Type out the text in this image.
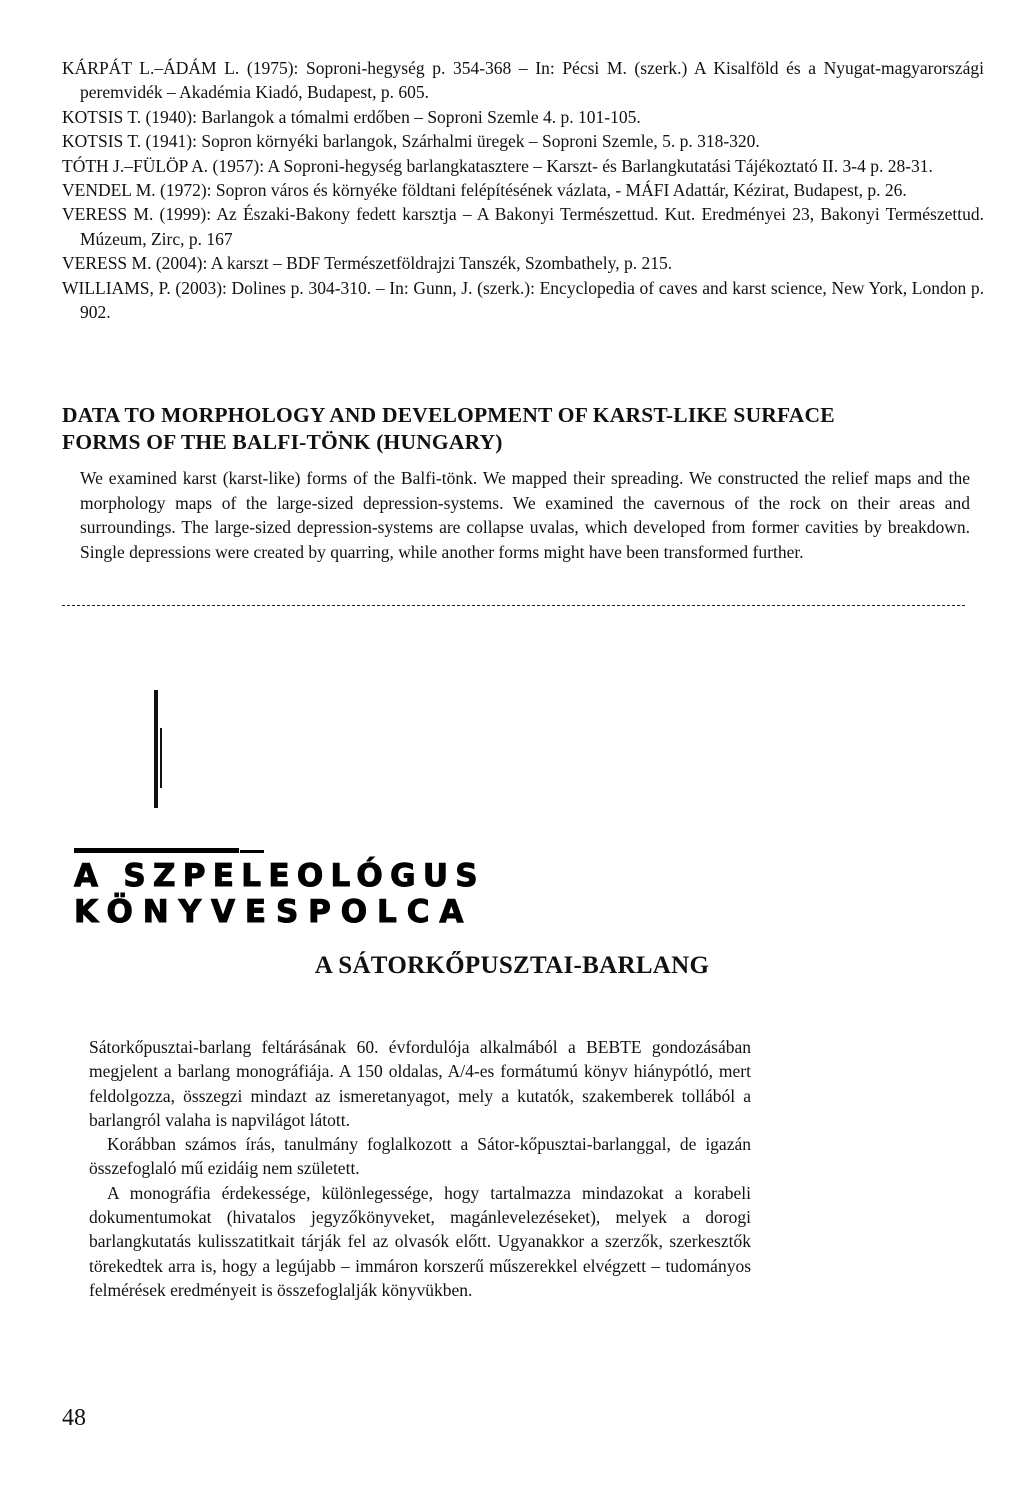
KÁRPÁT L.–ÁDÁM L. (1975): Soproni-hegység p. 354-368 – In: Pécsi M. (szerk.) A Kisalföld és a Nyugat-magyarországi peremvidék – Akadémia Kiadó, Budapest, p. 605.

KOTSIS T. (1940): Barlangok a tómalmi erdőben – Soproni Szemle 4. p. 101-105.

KOTSIS T. (1941): Sopron környéki barlangok, Szárhalmi üregek – Soproni Szemle, 5. p. 318-320.

TÓTH J.–FÜLÖP A. (1957): A Soproni-hegység barlangkatasztere – Karszt- és Barlangkutatási Tájékoztató II. 3-4 p. 28-31.

VENDEL M. (1972): Sopron város és környéke földtani felépítésének vázlata, - MÁFI Adattár, Kézirat, Budapest, p. 26.

VERESS M. (1999): Az Északi-Bakony fedett karsztja – A Bakonyi Természettud. Kut. Eredményei 23, Bakonyi Természettud. Múzeum, Zirc, p. 167

VERESS M. (2004): A karszt – BDF Természetföldrajzi Tanszék, Szombathely, p. 215.

WILLIAMS, P. (2003): Dolines p. 304-310. – In: Gunn, J. (szerk.): Encyclopedia of caves and karst science, New York, London p. 902.

DATA TO MORPHOLOGY AND DEVELOPMENT OF KARST-LIKE SURFACE
FORMS OF THE BALFI-TÖNK (HUNGARY)
We examined karst (karst-like) forms of the Balfi-tönk. We mapped their spreading. We constructed the relief maps and the morphology maps of the large-sized depression-systems. We examined the cavernous of the rock on their areas and surroundings. The large-sized depression-systems are collapse uvalas, which developed from former cavities by breakdown. Single depressions were created by quarring, while another forms might have been transformed further.
A SZPELEOLÓGUS
KÖNYVESPOLCA
A SÁTORKŐPUSZTAI-BARLANG

Sátorkőpusztai-barlang feltárásának 60. évfordulója alkalmából a BEBTE gondozásában megjelent a barlang monográfiája. A 150 oldalas, A/4-es formátumú könyv hiánypótló, mert feldolgozza, összegzi mindazt az ismeretanyagot, mely a kutatók, szakemberek tollából a barlangról valaha is napvilágot látott.

Korábban számos írás, tanulmány foglalkozott a Sátor-kőpusztai-barlanggal, de igazán összefoglaló mű ezidáig nem született.

A monográfia érdekessége, különlegessége, hogy tartalmazza mindazokat a korabeli dokumentumokat (hivatalos jegyzőkönyveket, magánlevelezéseket), melyek a dorogi barlangkutatás kulisszatitkait tárják fel az olvasók előtt. Ugyanakkor a szerzők, szerkesztők törekedtek arra is, hogy a legújabb – immáron korszerű műszerekkel elvégzett – tudományos felmérések eredményeit is összefoglalják könyvükben.

48
